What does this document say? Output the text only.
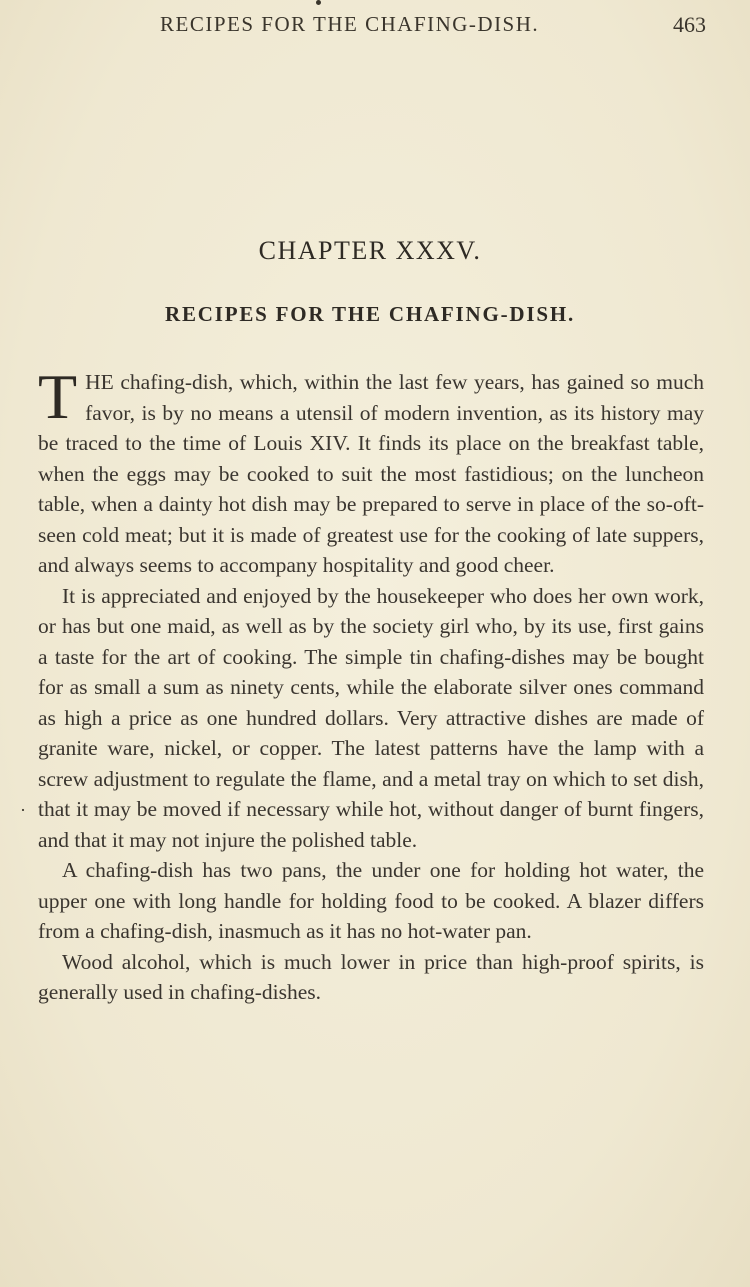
RECIPES FOR THE CHAFING-DISH.	463
CHAPTER XXXV.
RECIPES FOR THE CHAFING-DISH.
·

T HE chafing-dish, which, within the last few years, has gained so much favor, is by no means a utensil of modern invention, as its history may be traced to the time of Louis XIV. It finds its place on the breakfast table, when the eggs may be cooked to suit the most fastidious; on the luncheon table, when a dainty hot dish may be prepared to serve in place of the so-oft-seen cold meat; but it is made of greatest use for the cooking of late suppers, and always seems to accompany hospitality and good cheer.

It is appreciated and enjoyed by the housekeeper who does her own work, or has but one maid, as well as by the society girl who, by its use, first gains a taste for the art of cooking. The simple tin chafing-dishes may be bought for as small a sum as ninety cents, while the elaborate silver ones command as high a price as one hundred dollars. Very attractive dishes are made of granite ware, nickel, or copper. The latest patterns have the lamp with a screw adjustment to regulate the flame, and a metal tray on which to set dish, that it may be moved if necessary while hot, without danger of burnt fingers, and that it may not injure the polished table.

A chafing-dish has two pans, the under one for holding hot water, the upper one with long handle for holding food to be cooked. A blazer differs from a chafing-dish, inasmuch as it has no hot-water pan.

Wood alcohol, which is much lower in price than high-proof spirits, is generally used in chafing-dishes.
